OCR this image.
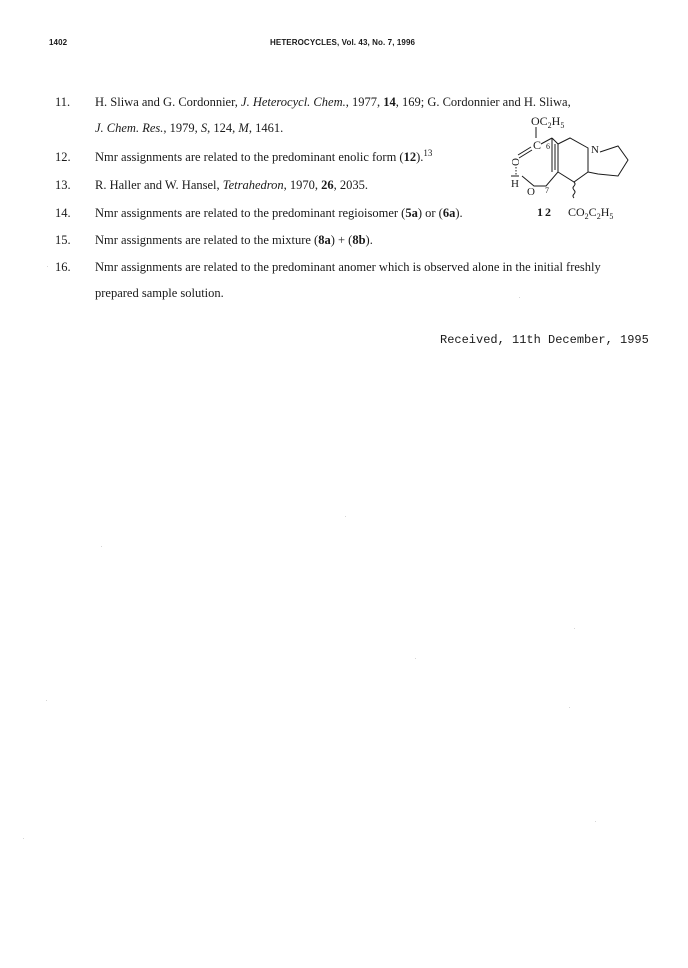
1402	HETEROCYCLES, Vol. 43, No. 7, 1996
11. H. Sliwa and G. Cordonnier, J. Heterocycl. Chem., 1977, 14, 169; G. Cordonnier and H. Sliwa,
J. Chem. Res., 1979, S, 124, M, 1461.
12. Nmr assignments are related to the predominant enolic form (12).$^{13}$
13. R. Haller and W. Hansel, Tetrahedron, 1970, 26, 2035.
14. Nmr assignments are related to the predominant regioisomer (5a) or (6a).
15. Nmr assignments are related to the mixture (8a) + (8b).
16. Nmr assignments are related to the predominant anomer which is observed alone in the initial freshly
prepared sample solution.
$OC_2H_5$
C
O
H
6
O 7
N
12 $CO_2C_2H_5$
Received, 11th December, 1995
